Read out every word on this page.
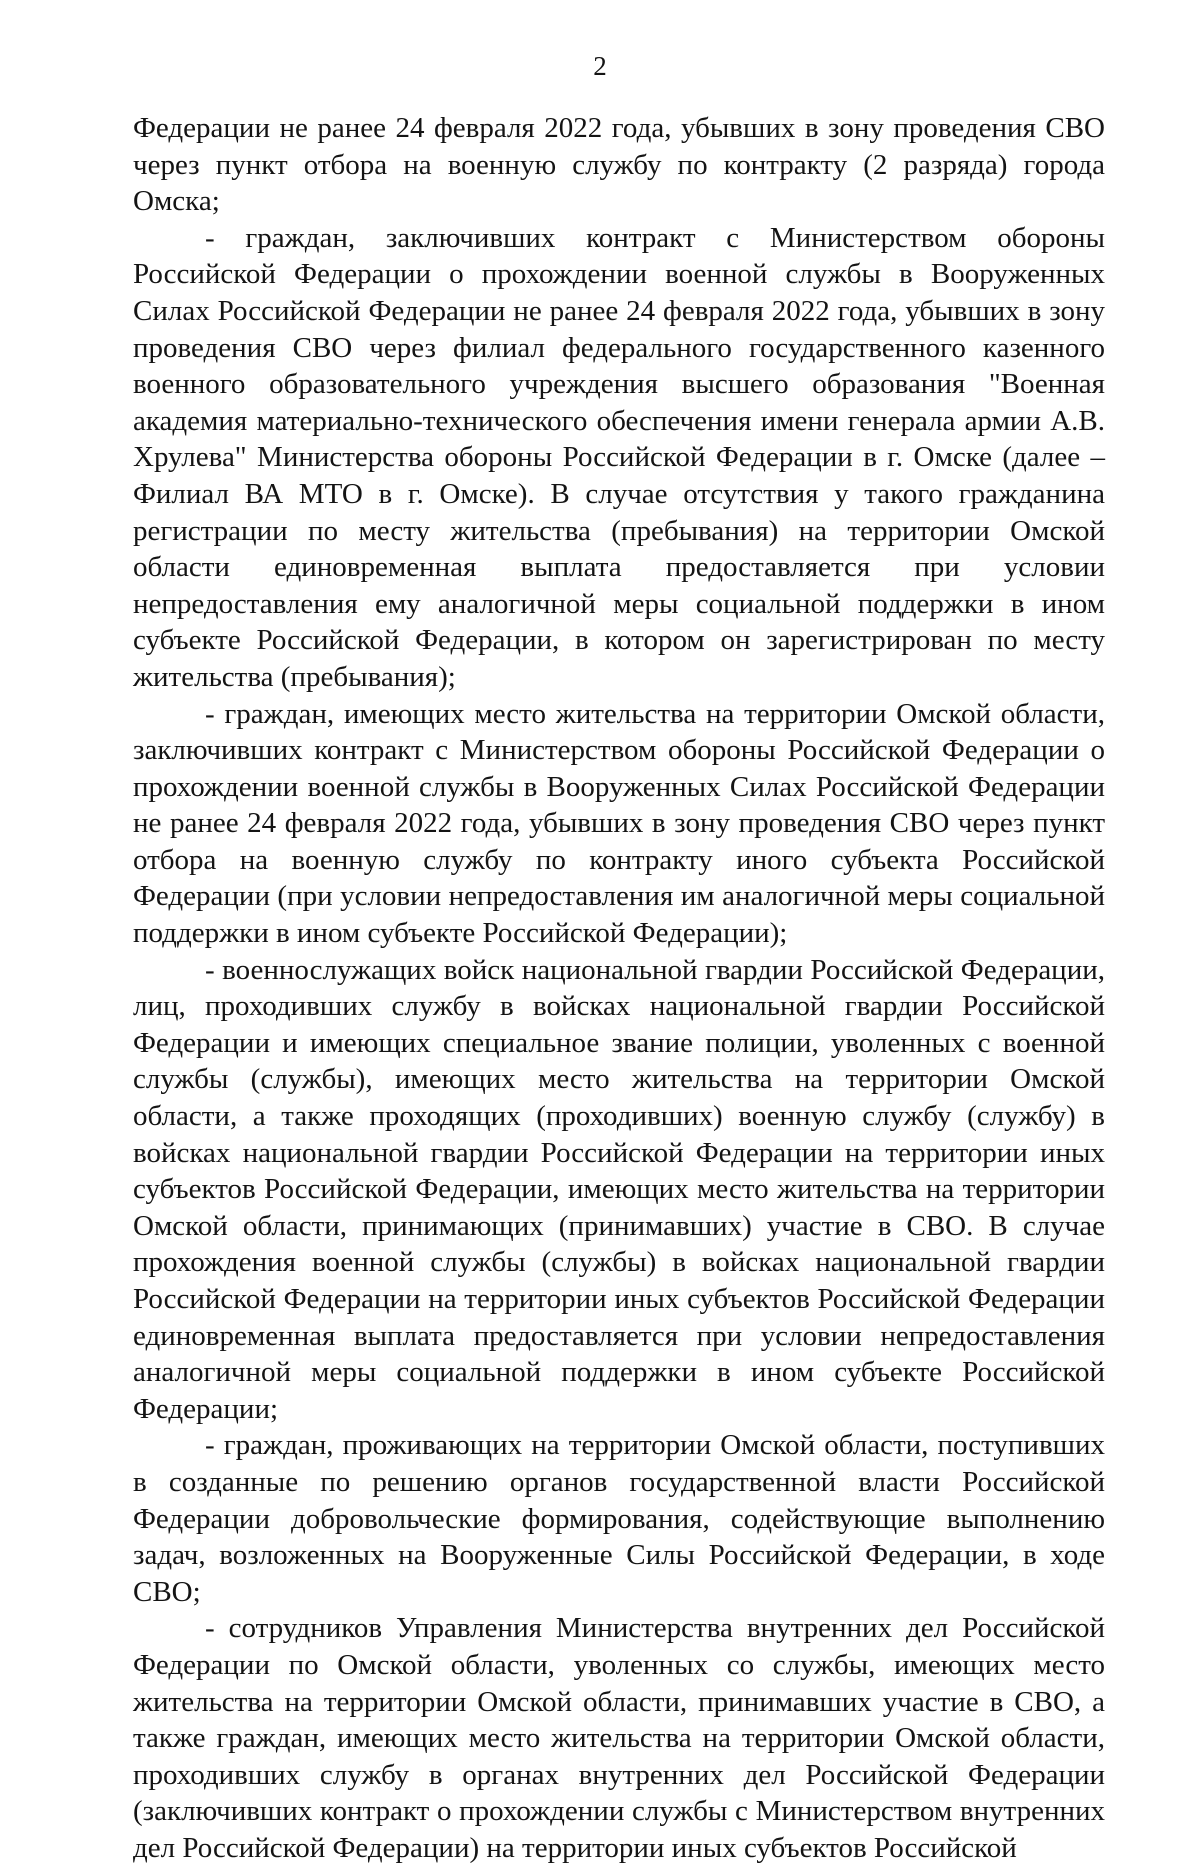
2

Федерации не ранее 24 февраля 2022 года, убывших в зону проведения СВО через пункт отбора на военную службу по контракту (2 разряда) города Омска;

- граждан, заключивших контракт с Министерством обороны Российской Федерации о прохождении военной службы в Вооруженных Силах Российской Федерации не ранее 24 февраля 2022 года, убывших в зону проведения СВО через филиал федерального государственного казенного военного образовательного учреждения высшего образования "Военная академия материально-технического обеспечения имени генерала армии А.В. Хрулева" Министерства обороны Российской Федерации в г. Омске (далее – Филиал ВА МТО в г. Омске). В случае отсутствия у такого гражданина регистрации по месту жительства (пребывания) на территории Омской области единовременная выплата предоставляется при условии непредоставления ему аналогичной меры социальной поддержки в ином субъекте Российской Федерации, в котором он зарегистрирован по месту жительства (пребывания);

- граждан, имеющих место жительства на территории Омской области, заключивших контракт с Министерством обороны Российской Федерации о прохождении военной службы в Вооруженных Силах Российской Федерации не ранее 24 февраля 2022 года, убывших в зону проведения СВО через пункт отбора на военную службу по контракту иного субъекта Российской Федерации (при условии непредоставления им аналогичной меры социальной поддержки в ином субъекте Российской Федерации);

- военнослужащих войск национальной гвардии Российской Федерации, лиц, проходивших службу в войсках национальной гвардии Российской Федерации и имеющих специальное звание полиции, уволенных с военной службы (службы), имеющих место жительства на территории Омской области, а также проходящих (проходивших) военную службу (службу) в войсках национальной гвардии Российской Федерации на территории иных субъектов Российской Федерации, имеющих место жительства на территории Омской области, принимающих (принимавших) участие в СВО. В случае прохождения военной службы (службы) в войсках национальной гвардии Российской Федерации на территории иных субъектов Российской Федерации единовременная выплата предоставляется при условии непредоставления аналогичной меры социальной поддержки в ином субъекте Российской Федерации;

- граждан, проживающих на территории Омской области, поступивших в созданные по решению органов государственной власти Российской Федерации добровольческие формирования, содействующие выполнению задач, возложенных на Вооруженные Силы Российской Федерации, в ходе СВО;

- сотрудников Управления Министерства внутренних дел Российской Федерации по Омской области, уволенных со службы, имеющих место жительства на территории Омской области, принимавших участие в СВО, а также граждан, имеющих место жительства на территории Омской области, проходивших службу в органах внутренних дел Российской Федерации (заключивших контракт о прохождении службы с Министерством внутренних дел Российской Федерации) на территории иных субъектов Российской
